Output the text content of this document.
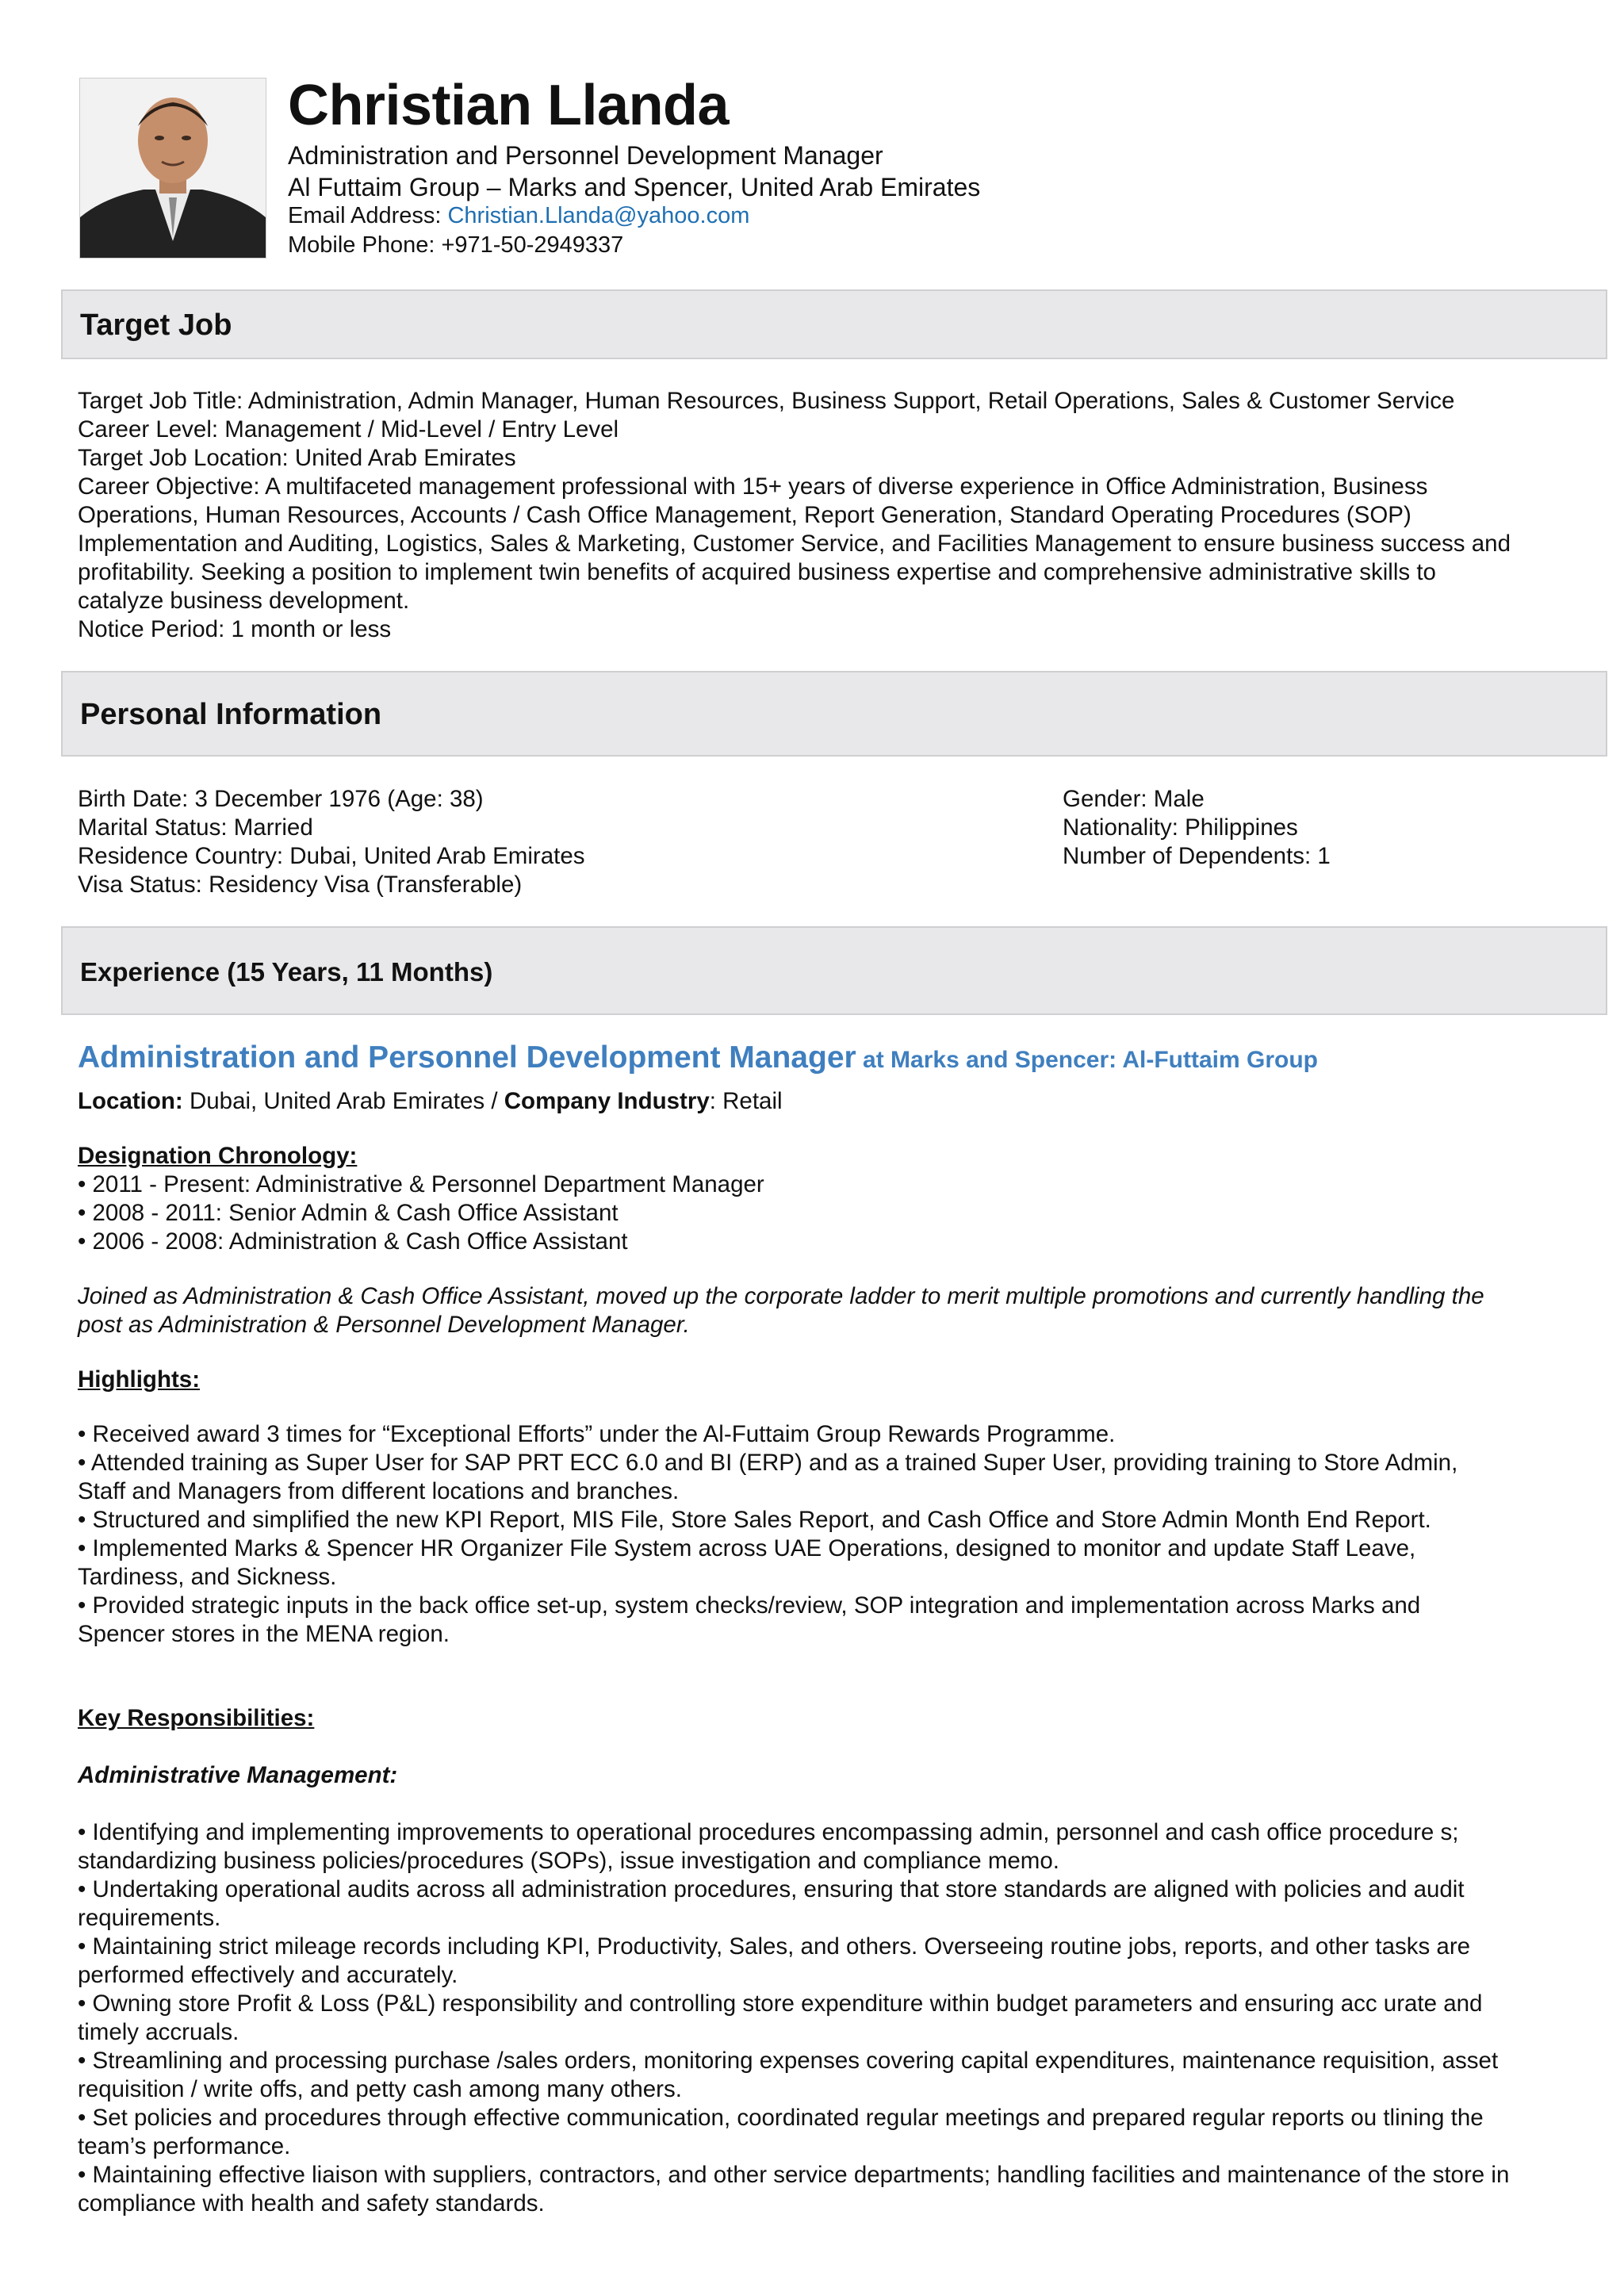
Christian Llanda
Administration and Personnel Development Manager
Al Futtaim Group – Marks and Spencer, United Arab Emirates
Email Address: Christian.Llanda@yahoo.com
Mobile Phone: +971-50-2949337
Target Job
Target Job Title: Administration, Admin Manager, Human Resources, Business Support, Retail Operations, Sales & Customer Service
Career Level: Management / Mid-Level / Entry Level
Target Job Location: United Arab Emirates
Career Objective: A multifaceted management professional with 15+ years of diverse experience in Office Administration, Business
Operations, Human Resources, Accounts / Cash Office Management, Report Generation, Standard Operating Procedures (SOP)
Implementation and Auditing, Logistics, Sales & Marketing, Customer Service, and Facilities Management to ensure business success and
profitability. Seeking a position to implement twin benefits of acquired business expertise and comprehensive administrative skills to
catalyze business development.
Notice Period: 1 month or less
Personal Information
Birth Date: 3 December 1976 (Age: 38)
Marital Status: Married
Residence Country: Dubai, United Arab Emirates
Visa Status: Residency Visa (Transferable)
Gender: Male
Nationality: Philippines
Number of Dependents: 1
Experience (15 Years, 11 Months)
Administration and Personnel Development Manager at Marks and Spencer: Al-Futtaim Group
Location: Dubai, United Arab Emirates / Company Industry: Retail
Designation Chronology:
• 2011 - Present: Administrative & Personnel Department Manager
• 2008 - 2011: Senior Admin & Cash Office Assistant
• 2006 - 2008: Administration & Cash Office Assistant
Joined as Administration & Cash Office Assistant, moved up the corporate ladder to merit multiple promotions and currently handling the
post as Administration & Personnel Development Manager.
Highlights:
• Received award 3 times for “Exceptional Efforts” under the Al-Futtaim Group Rewards Programme.
• Attended training as Super User for SAP PRT ECC 6.0 and BI (ERP) and as a trained Super User, providing training to Store Admin,
Staff and Managers from different locations and branches.
• Structured and simplified the new KPI Report, MIS File, Store Sales Report, and Cash Office and Store Admin Month End Report.
• Implemented Marks & Spencer HR Organizer File System across UAE Operations, designed to monitor and update Staff Leave,
Tardiness, and Sickness.
• Provided strategic inputs in the back office set-up, system checks/review, SOP integration and implementation across Marks and
Spencer stores in the MENA region.
Key Responsibilities:
Administrative Management:
• Identifying and implementing improvements to operational procedures encompassing admin, personnel and cash office procedure s;
standardizing business policies/procedures (SOPs), issue investigation and compliance memo.
• Undertaking operational audits across all administration procedures, ensuring that store standards are aligned with policies and audit
requirements.
• Maintaining strict mileage records including KPI, Productivity, Sales, and others. Overseeing routine jobs, reports, and other tasks are
performed effectively and accurately.
• Owning store Profit & Loss (P&L) responsibility and controlling store expenditure within budget parameters and ensuring acc urate and
timely accruals.
• Streamlining and processing purchase /sales orders, monitoring expenses covering capital expenditures, maintenance requisition, asset
requisition / write offs, and petty cash among many others.
• Set policies and procedures through effective communication, coordinated regular meetings and prepared regular reports ou tlining the
team’s performance.
• Maintaining effective liaison with suppliers, contractors, and other service departments; handling facilities and maintenance of the store in
compliance with health and safety standards.
